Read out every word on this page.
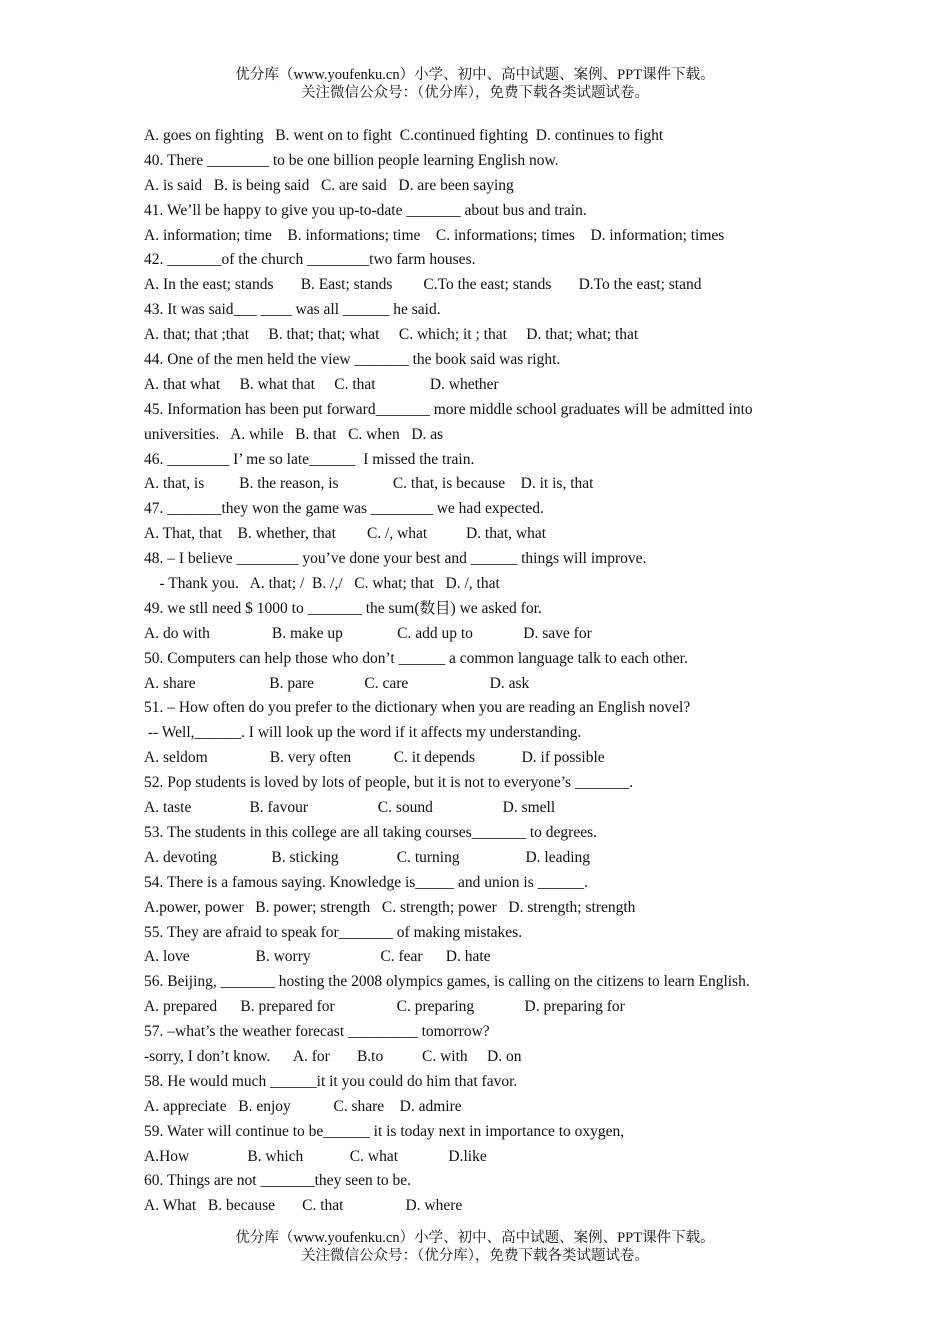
优分库（www.youfenku.cn）小学、初中、高中试题、案例、PPT课件下载。
关注微信公众号：（优分库），免费下载各类试题试卷。
A. goes on fighting   B. went on to fight  C.continued fighting  D. continues to fight
40. There ________ to be one billion people learning English now.
A. is said   B. is being said   C. are said   D. are been saying
41. We’ll be happy to give you up-to-date _______ about bus and train.
A. information; time    B. informations; time    C. informations; times    D. information; times
42. _______of the church ________two farm houses.
A. In the east; stands       B. East; stands        C.To the east; stands       D.To the east; stand
43. It was said___ ____ was all ______ he said.
A. that; that ;that     B. that; that; what     C. which; it ; that     D. that; what; that
44. One of the men held the view _______ the book said was right.
A. that what     B. what that     C. that              D. whether
45. Information has been put forward_______ more middle school graduates will be admitted into
universities.   A. while   B. that   C. when   D. as
46. ________ I’ me so late______  I missed the train.
A. that, is         B. the reason, is              C. that, is because    D. it is, that
47. _______they won the game was ________ we had expected.
A. That, that    B. whether, that        C. /, what          D. that, what
48. – I believe ________ you’ve done your best and ______ things will improve.
- Thank you.   A. that; /  B. /,/   C. what; that   D. /, that
49. we stll need $ 1000 to _______ the sum(数目) we asked for.
A. do with                B. make up              C. add up to             D. save for
50. Computers can help those who don’t ______ a common language talk to each other.
A. share                   B. pare             C. care                     D. ask
51. – How often do you prefer to the dictionary when you are reading an English novel?
-- Well,______. I will look up the word if it affects my understanding.
A. seldom                B. very often           C. it depends            D. if possible
52. Pop students is loved by lots of people, but it is not to everyone’s _______.
A. taste               B. favour                  C. sound                  D. smell
53. The students in this college are all taking courses_______ to degrees.
A. devoting              B. sticking               C. turning                 D. leading
54. There is a famous saying. Knowledge is_____ and union is ______.
A.power, power   B. power; strength   C. strength; power   D. strength; strength
55. They are afraid to speak for_______ of making mistakes.
A. love                 B. worry                  C. fear      D. hate
56. Beijing, _______ hosting the 2008 olympics games, is calling on the citizens to learn English.
A. prepared      B. prepared for                C. preparing             D. preparing for
57. –what’s the weather forecast _________ tomorrow?
-sorry, I don’t know.      A. for       B.to          C. with     D. on
58. He would much ______it it you could do him that favor.
A. appreciate   B. enjoy           C. share    D. admire
59. Water will continue to be______ it is today next in importance to oxygen,
A.How               B. which            C. what             D.like
60. Things are not _______they seen to be.
A. What   B. because       C. that                D. where
优分库（www.youfenku.cn）小学、初中、高中试题、案例、PPT课件下载。
关注微信公众号：（优分库），免费下载各类试题试卷。
